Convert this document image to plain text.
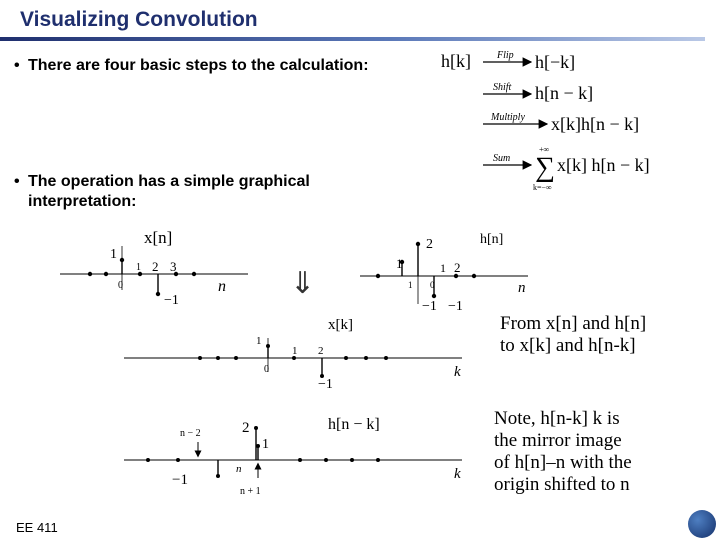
Visualizing Convolution
• There are four basic steps to the calculation:
• The operation has a simple graphical interpretation:
h[k]	Flip h[−k]
Shift h[n − k]
Multiply x[k]h[n − k]
Sum
+∞
∑
k=−∞
x[k] h[n − k]
x[n]
n
1
0
1 2 3
−1	⇓
h[n]
n
2
1	1 2
1 0
−1 −1
x[k]
k
1
1 2
0
−1
h[n − k]
k
n − 2	2
1
−1
n
n + 1
From x[n] and h[n]
to x[k] and h[n-k]
Note, h[n-k] k is
the mirror image
of h[n]–n with the
origin shifted to n
EE 411
